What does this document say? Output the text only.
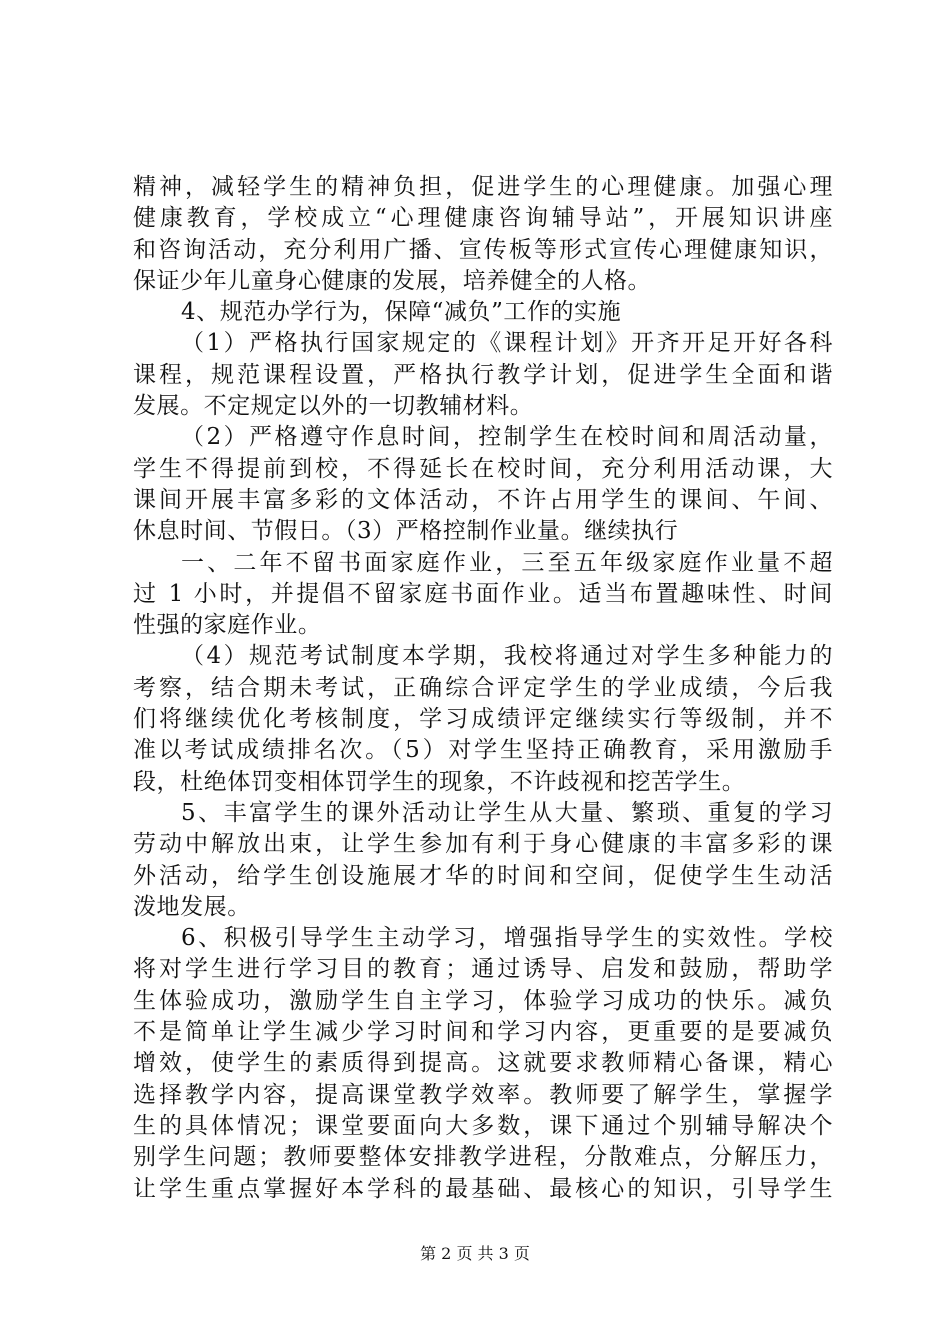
精神，减轻学生的精神负担，促进学生的心理健康。加强心理
健康教育，学校成立“心理健康咨询辅导站”，开展知识讲座
和咨询活动，充分利用广播、宣传板等形式宣传心理健康知识，
保证少年儿童身心健康的发展，培养健全的人格。
4、规范办学行为，保障“减负”工作的实施
（1）严格执行国家规定的《课程计划》开齐开足开好各科
课程，规范课程设置，严格执行教学计划，促进学生全面和谐
发展。不定规定以外的一切教辅材料。
（2）严格遵守作息时间，控制学生在校时间和周活动量，
学生不得提前到校，不得延长在校时间，充分利用活动课，大
课间开展丰富多彩的文体活动，不许占用学生的课间、午间、
休息时间、节假日。（3）严格控制作业量。继续执行
一、二年不留书面家庭作业，三至五年级家庭作业量不超
过 1 小时，并提倡不留家庭书面作业。适当布置趣味性、时间
性强的家庭作业。
（4）规范考试制度本学期，我校将通过对学生多种能力的
考察，结合期未考试，正确综合评定学生的学业成绩，今后我
们将继续优化考核制度，学习成绩评定继续实行等级制，并不
准以考试成绩排名次。（5）对学生坚持正确教育，采用激励手
段，杜绝体罚变相体罚学生的现象，不许歧视和挖苦学生。
5、丰富学生的课外活动让学生从大量、繁琐、重复的学习
劳动中解放出束，让学生参加有利于身心健康的丰富多彩的课
外活动，给学生创设施展才华的时间和空间，促使学生生动活
泼地发展。
6、积极引导学生主动学习，增强指导学生的实效性。学校
将对学生进行学习目的教育；通过诱导、启发和鼓励，帮助学
生体验成功，激励学生自主学习，体验学习成功的快乐。减负
不是简单让学生减少学习时间和学习内容，更重要的是要减负
增效，使学生的素质得到提高。这就要求教师精心备课，精心
选择教学内容，提高课堂教学效率。教师要了解学生，掌握学
生的具体情况；课堂要面向大多数，课下通过个别辅导解决个
别学生问题；教师要整体安排教学进程，分散难点，分解压力，
让学生重点掌握好本学科的最基础、最核心的知识，引导学生
第 2 页 共 3 页
